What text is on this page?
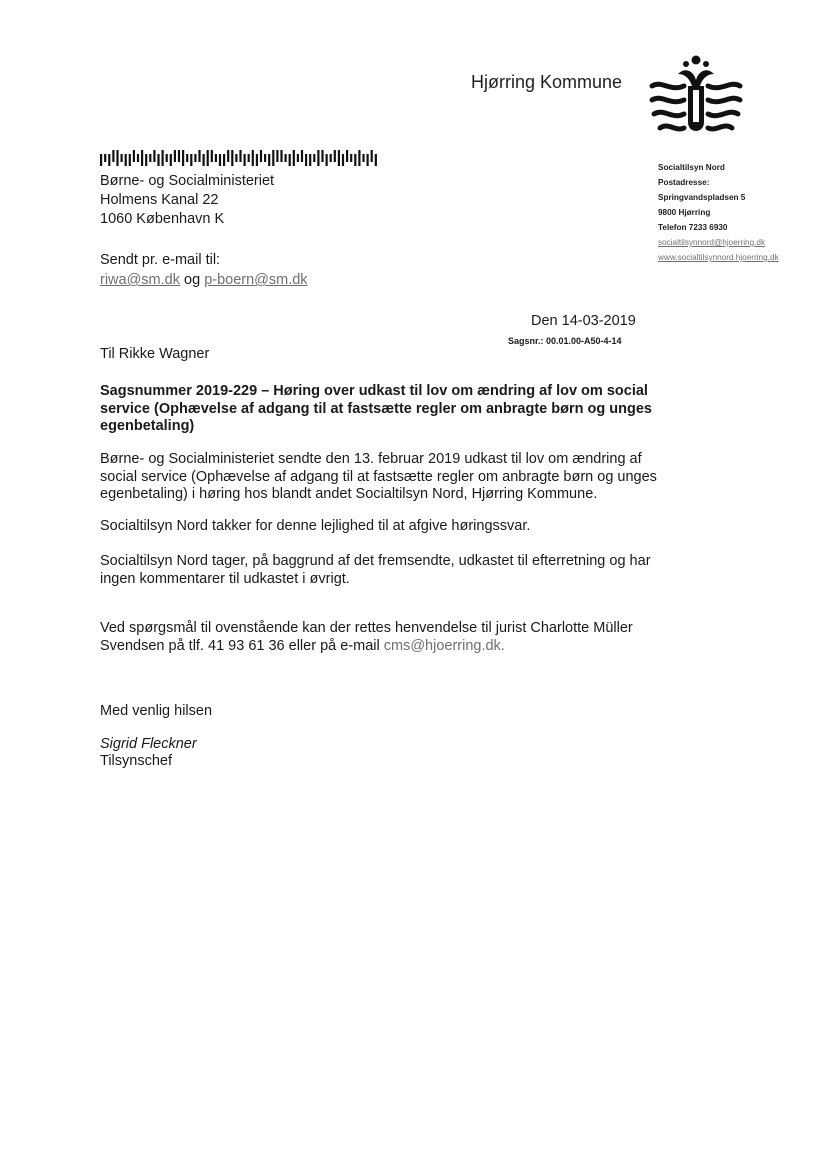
Hjørring Kommune
Børne- og Socialministeriet
Holmens Kanal 22
1060 København K
Socialtilsyn Nord
Postadresse:
Springvandspladsen 5
9800 Hjørring
Telefon 7233 6930
socialtilsynnord@hjoerring.dk
www.socialtilsynnord.hjoerring.dk
Sendt pr. e-mail til:
riwa@sm.dk og p-boern@sm.dk
Den 14-03-2019
Sagsnr.: 00.01.00-A50-4-14
Til Rikke Wagner
Sagsnummer 2019-229 – Høring over udkast til lov om ændring af lov om social service (Ophævelse af adgang til at fastsætte regler om anbragte børn og unges egenbetaling)
Børne- og Socialministeriet sendte den 13. februar 2019 udkast til lov om ændring af social service (Ophævelse af adgang til at fastsætte regler om anbragte børn og unges egenbetaling) i høring hos blandt andet Socialtilsyn Nord, Hjørring Kommune.
Socialtilsyn Nord takker for denne lejlighed til at afgive høringssvar.
Socialtilsyn Nord tager, på baggrund af det fremsendte, udkastet til efterretning og har ingen kommentarer til udkastet i øvrigt.
Ved spørgsmål til ovenstående kan der rettes henvendelse til jurist Charlotte Müller Svendsen på tlf. 41 93 61 36 eller på e-mail cms@hjoerring.dk.
Med venlig hilsen
Sigrid Fleckner
Tilsynschef
